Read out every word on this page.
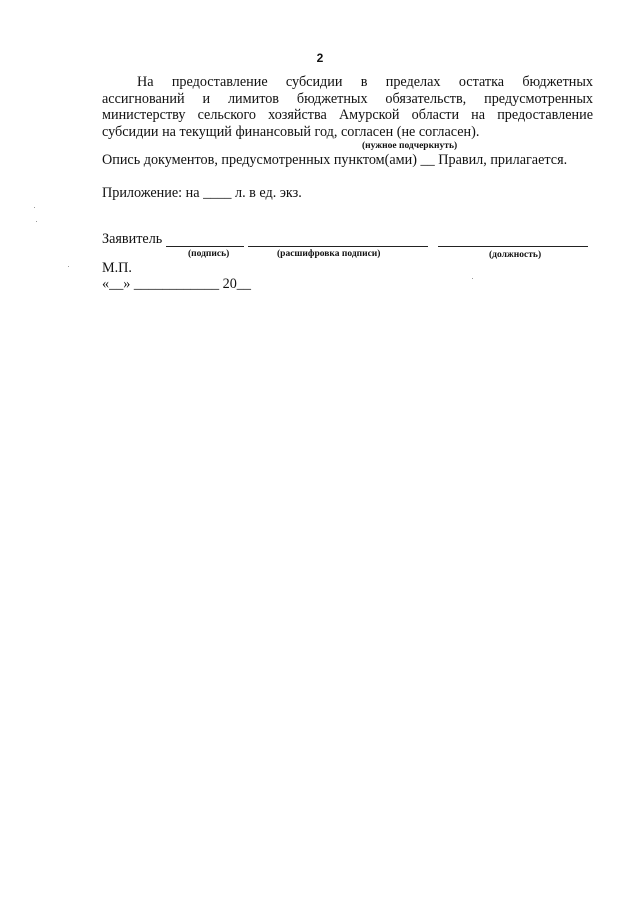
2
На предоставление субсидии в пределах остатка бюджетных
ассигнований и лимитов бюджетных обязательств, предусмотренных
министерству сельского хозяйства Амурской области на предоставление
субсидии на текущий финансовый год, согласен (не согласен).
(нужное подчеркнуть)
Опись документов, предусмотренных пунктом(ами) __ Правил, прилагается.
Приложение: на ____ л. в ед. экз.
Заявитель
(подпись)	(расшифровка подписи)	(должность)
М.П.
«__» ____________ 20__
